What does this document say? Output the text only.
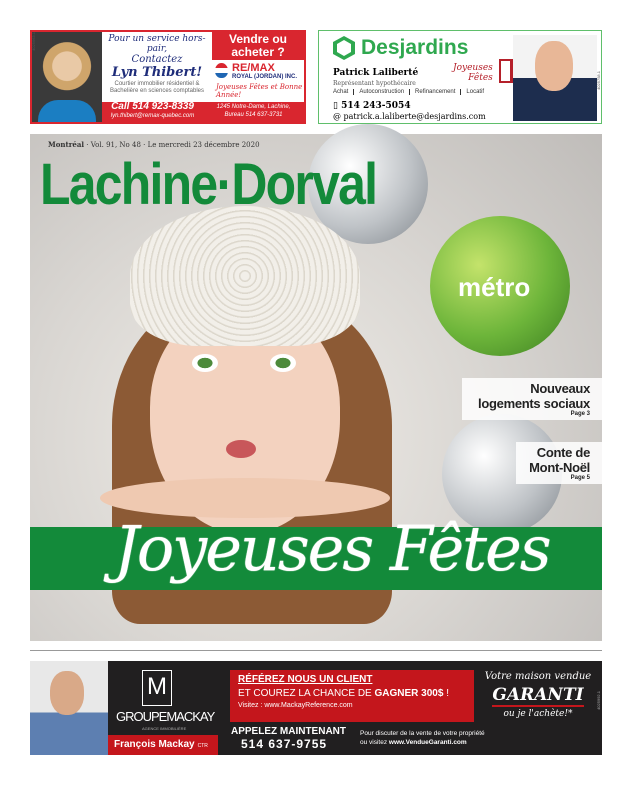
Pour un service hors-pair,
Contactez
Lyn Thibert!
Courtier immobilier résidentiel & Bachelière en sciences comptables
Vendre ou acheter ?
RE/MAX
ROYAL (JORDAN) INC.
Joyeuses Fêtes et Bonne Année!
Call 514 923-8339
lyn.thibert@remax-quebec.com
1245 Notre-Dame, Lachine,
Bureau 514 637-3731
4025663.1	Desjardins
Patrick Laliberté
Représentant hypothécaire
Achat	Autoconstruction	Refinancement	Locatif
▯ 514 243-5054
@ patrick.a.laliberte@desjardins.com
Joyeuses
Fêtes	4025758.1
Montréal · Vol. 91, No 48 · Le mercredi 23 décembre 2020
Lachine·Dorval
métro
Nouveaux logements sociaux
Page 3
Conte de Mont-Noël
Page 5
Joyeuses Fêtes
M
GROUPEMACKAY
AGENCE IMMOBILIÈRE
François Mackay CTR IMM
RÉFÉREZ NOUS UN CLIENT
ET COUREZ LA CHANCE DE GAGNER 300$ !
Visitez : www.MackayReference.com
APPELEZ MAINTENANT
514 637-9755
Pour discuter de la vente de votre propriété
ou visitez www.VendueGaranti.com
Votre maison vendue
GARANTI
ou je l'achète!*
4025992.1
